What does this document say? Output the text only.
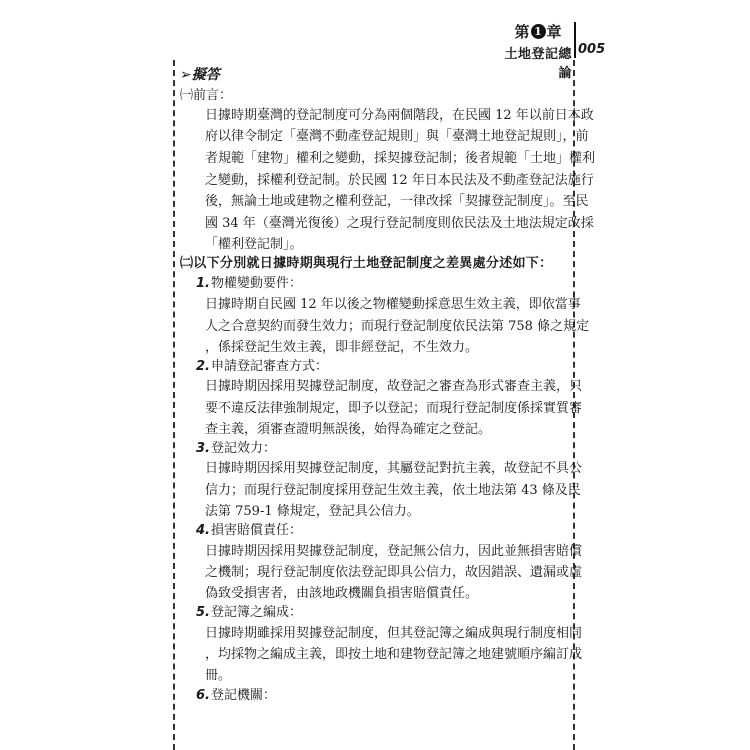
第 1 章
土地登記總論
005
➢擬答
㈠前言：
日據時期臺灣的登記制度可分為兩個階段，在民國 12 年以前日本政
府以律令制定「臺灣不動產登記規則」與「臺灣土地登記規則」，前
者規範「建物」權利之變動，採契據登記制；後者規範「土地」權利
之變動，採權利登記制。於民國 12 年日本民法及不動產登記法施行
後，無論土地或建物之權利登記，一律改採「契據登記制度」。至民
國 34 年（臺灣光復後）之現行登記制度則依民法及土地法規定改採
「權利登記制」。
㈡以下分別就日據時期與現行土地登記制度之差異處分述如下：
1.物權變動要件：
日據時期自民國 12 年以後之物權變動採意思生效主義，即依當事
人之合意契約而發生效力；而現行登記制度依民法第 758 條之規定
，係採登記生效主義，即非經登記，不生效力。
2.申請登記審查方式：
日據時期因採用契據登記制度，故登記之審查為形式審查主義，只
要不違反法律強制規定，即予以登記；而現行登記制度係採實質審
查主義，須審查證明無誤後，始得為確定之登記。
3.登記效力：
日據時期因採用契據登記制度，其屬登記對抗主義，故登記不具公
信力；而現行登記制度採用登記生效主義，依土地法第 43 條及民
法第 759-1 條規定，登記具公信力。
4.損害賠償責任：
日據時期因採用契據登記制度，登記無公信力，因此並無損害賠償
之機制；現行登記制度依法登記即具公信力，故因錯誤、遺漏或虛
偽致受損害者，由該地政機關負損害賠償責任。
5.登記簿之編成：
日據時期雖採用契據登記制度，但其登記簿之編成與現行制度相同
，均採物之編成主義，即按土地和建物登記簿之地建號順序編訂成
冊。
6.登記機關：
